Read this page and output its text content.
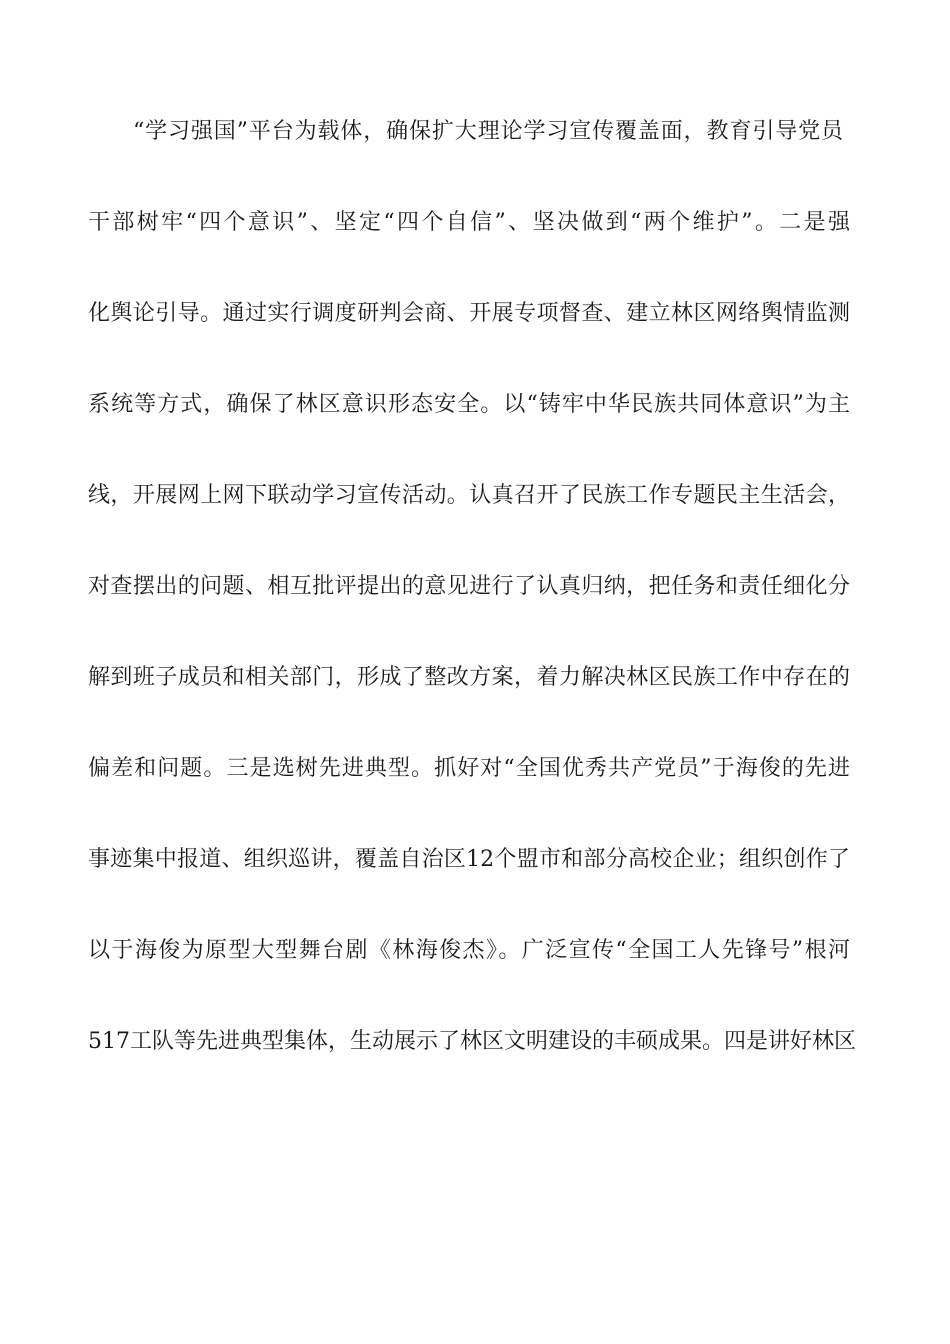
“学习强国”平台为载体，确保扩大理论学习宣传覆盖面，教育引导党员
干部树牢“四个意识”、坚定“四个自信”、坚决做到“两个维护”。二是强
化舆论引导。通过实行调度研判会商、开展专项督查、建立林区网络舆情监测
系统等方式，确保了林区意识形态安全。以“铸牢中华民族共同体意识”为主
线，开展网上网下联动学习宣传活动。认真召开了民族工作专题民主生活会，
对查摆出的问题、相互批评提出的意见进行了认真归纳，把任务和责任细化分
解到班子成员和相关部门，形成了整改方案，着力解决林区民族工作中存在的
偏差和问题。三是选树先进典型。抓好对“全国优秀共产党员”于海俊的先进
事迹集中报道、组织巡讲，覆盖自治区12个盟市和部分高校企业；组织创作了
以于海俊为原型大型舞台剧《林海俊杰》。广泛宣传“全国工人先锋号”根河
517工队等先进典型集体，生动展示了林区文明建设的丰硕成果。四是讲好林区
